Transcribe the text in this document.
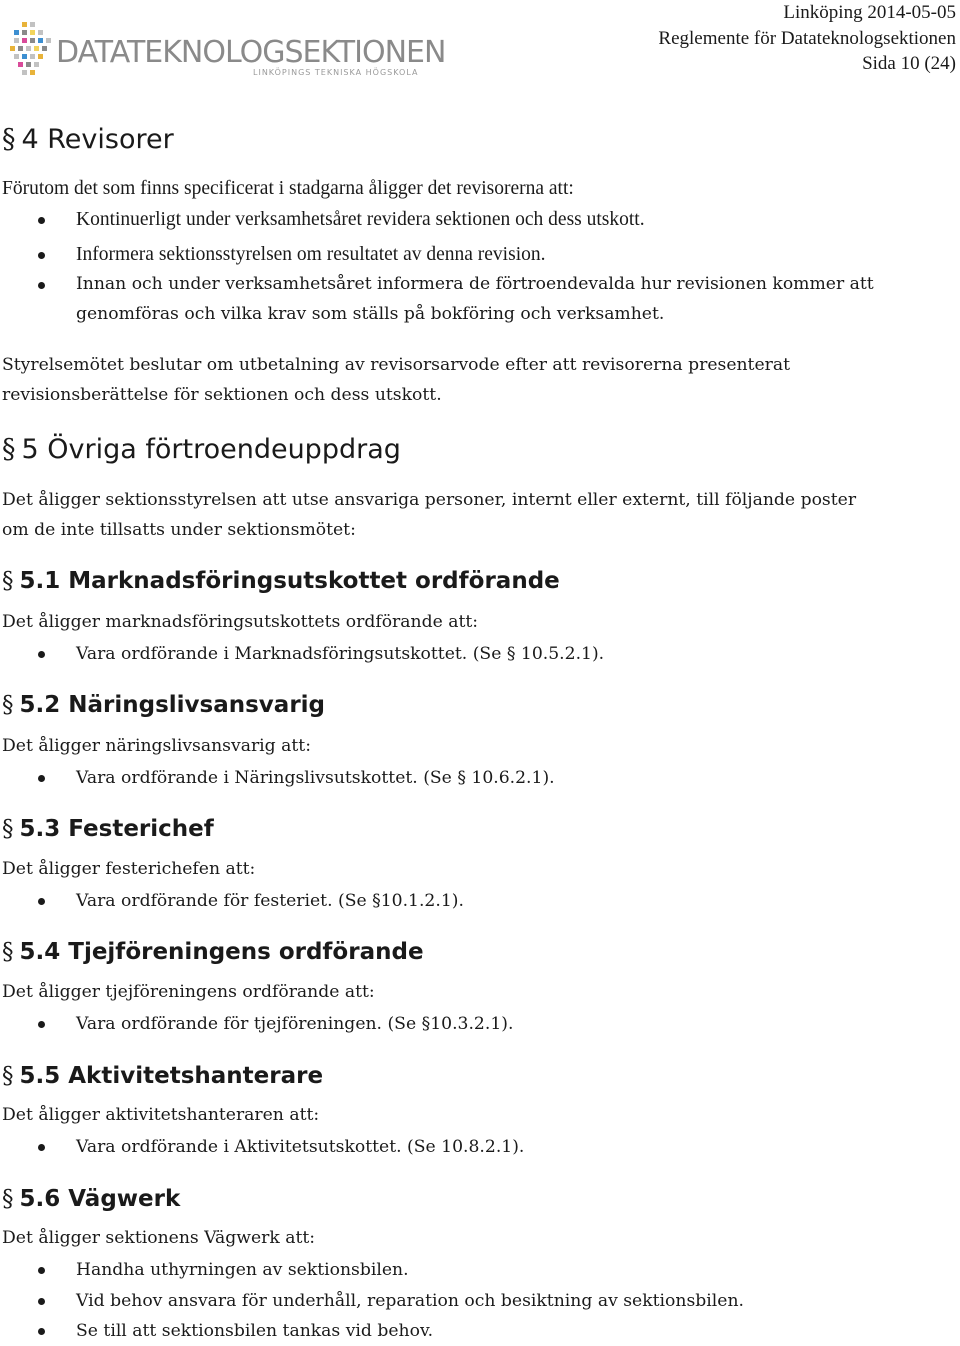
DATATEKNOLOGSEKTIONEN
LINKÖPINGS TEKNISKA HÖGSKOLA
Linköping 2014-05-05
Reglemente för Datateknologsektionen
Sida 10 (24)
§ 4 Revisorer
Förutom det som finns specificerat i stadgarna åligger det revisorerna att:
Kontinuerligt under verksamhetsåret revidera sektionen och dess utskott.
Informera sektionsstyrelsen om resultatet av denna revision.
Innan och under verksamhetsåret informera de förtroendevalda hur revisionen kommer att
genomföras och vilka krav som ställs på bokföring och verksamhet.
Styrelsemötet beslutar om utbetalning av revisorsarvode efter att revisorerna presenterat
revisionsberättelse för sektionen och dess utskott.
§ 5 Övriga förtroendeuppdrag
Det åligger sektionsstyrelsen att utse ansvariga personer, internt eller externt, till följande poster
om de inte tillsatts under sektionsmötet:
§ 5.1 Marknadsföringsutskottet ordförande
Det åligger marknadsföringsutskottets ordförande att:
Vara ordförande i Marknadsföringsutskottet. (Se § 10.5.2.1).
§ 5.2 Näringslivsansvarig
Det åligger näringslivsansvarig att:
Vara ordförande i Näringslivsutskottet. (Se § 10.6.2.1).
§ 5.3 Festerichef
Det åligger festerichefen att:
Vara ordförande för festeriet. (Se §10.1.2.1).
§ 5.4 Tjejföreningens ordförande
Det åligger tjejföreningens ordförande att:
Vara ordförande för tjejföreningen. (Se §10.3.2.1).
§ 5.5 Aktivitetshanterare
Det åligger aktivitetshanteraren att:
Vara ordförande i Aktivitetsutskottet. (Se 10.8.2.1).
§ 5.6 Vägwerk
Det åligger sektionens Vägwerk att:
Handha uthyrningen av sektionsbilen.
Vid behov ansvara för underhåll, reparation och besiktning av sektionsbilen.
Se till att sektionsbilen tankas vid behov.
